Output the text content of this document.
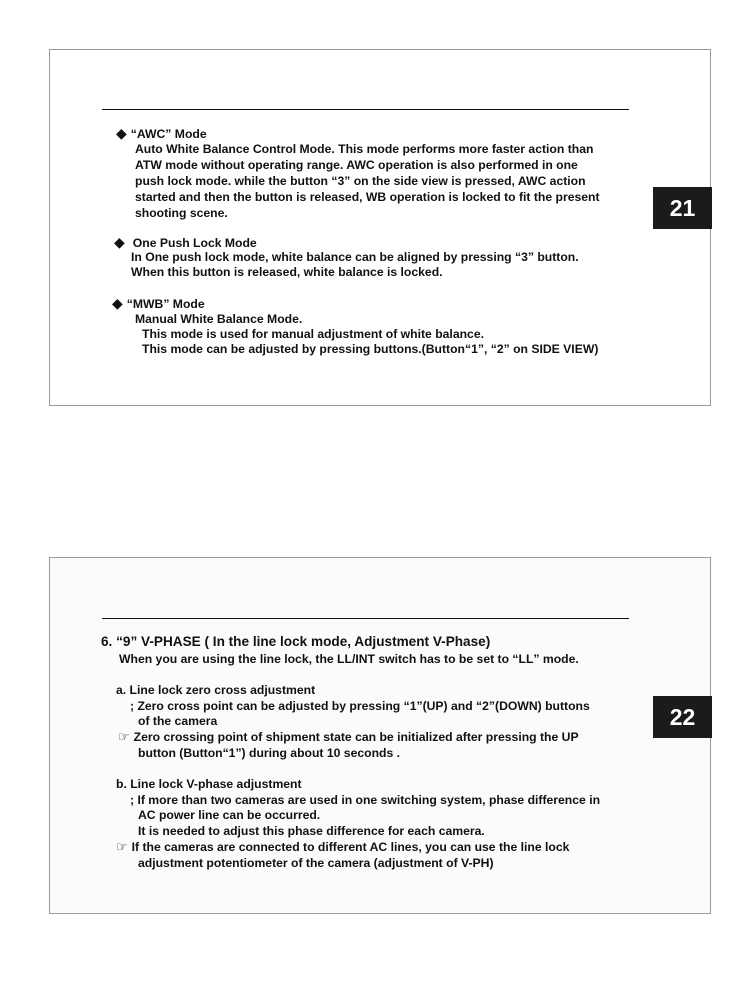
◆ “AWC” Mode
Auto White Balance Control Mode. This mode performs more faster action than
ATW mode without operating range. AWC operation is also performed in one
push lock mode. while the button “3” on the side view is pressed, AWC action
started and then the button is released, WB operation is locked to fit the present
shooting scene.
◆ One Push Lock Mode
In One push lock mode, white balance can be aligned by pressing “3” button.
When this button is released, white balance is locked.
◆ “MWB” Mode
Manual White Balance Mode.
This mode is used for manual adjustment of white balance.
This mode can be adjusted by pressing buttons.(Button“1”, “2” on SIDE VIEW)
21
6. “9” V-PHASE ( In the line lock mode, Adjustment V-Phase)
When you are using the line lock, the LL/INT switch has to be set to “LL” mode.
a. Line lock zero cross adjustment
; Zero cross point can be adjusted by pressing “1”(UP) and “2”(DOWN) buttons
of the camera
☞ Zero crossing point of shipment state can be initialized after pressing the UP
button (Button“1”) during about 10 seconds .
b. Line lock V-phase adjustment
; If more than two cameras are used in one switching system, phase difference in
AC power line can be occurred.
It is needed to adjust this phase difference for each camera.
☞ If the cameras are connected to different AC lines, you can use the line lock
adjustment potentiometer of the camera (adjustment of V-PH)
22
